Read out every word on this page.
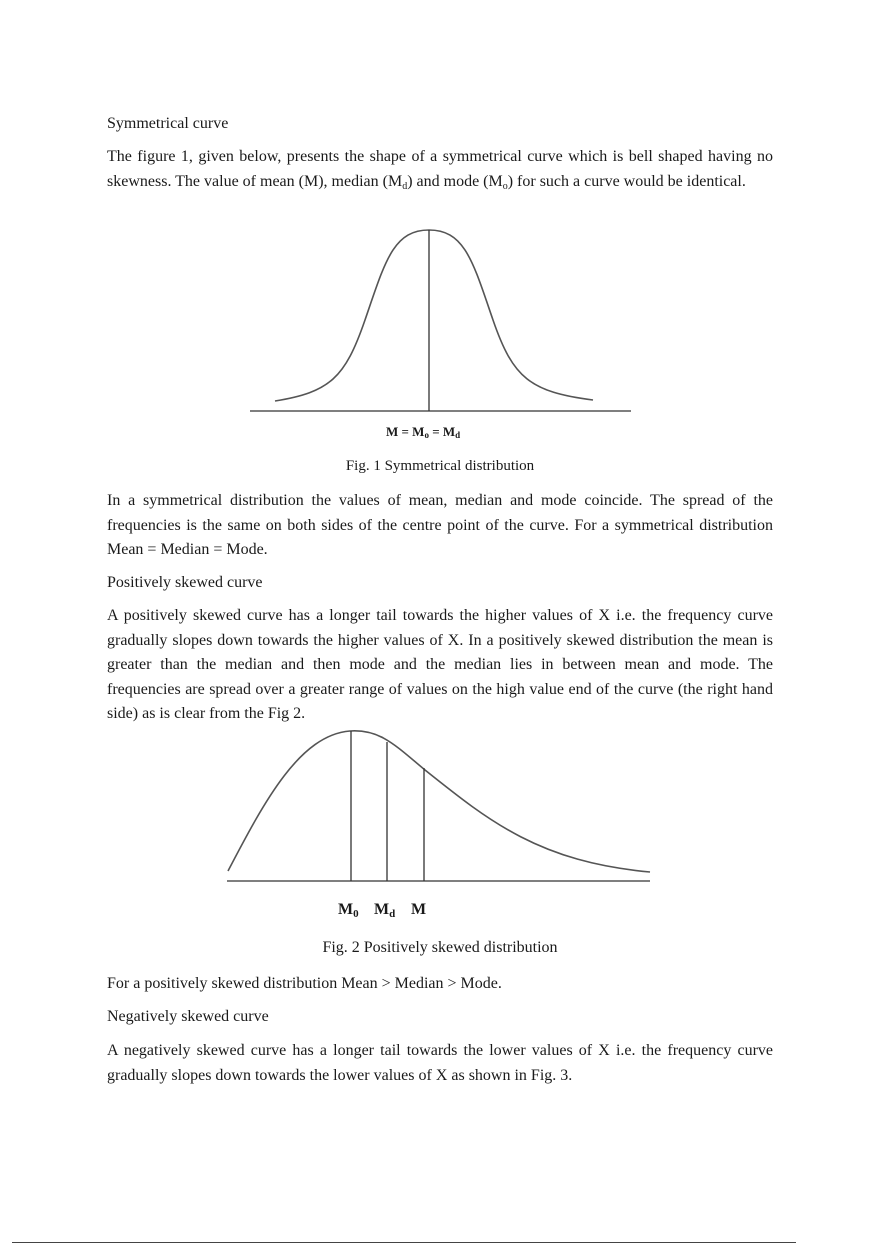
Symmetrical curve

The figure 1, given below, presents the shape of a symmetrical curve which is bell shaped having no skewness. The value of mean (M), median $(M_d)$ and mode $(M_o)$ for such a curve would be identical.

M = Mo = Md

Fig. 1 Symmetrical distribution

In a symmetrical distribution the values of mean, median and mode coincide. The spread of the frequencies is the same on both sides of the centre point of the curve. For a symmetrical distribution Mean = Median = Mode.

Positively skewed curve

A positively skewed curve has a longer tail towards the higher values of X i.e. the frequency curve gradually slopes down towards the higher values of X. In a positively skewed distribution the mean is greater than the median and then mode and the median lies in between mean and mode. The frequencies are spread over a greater range of values on the high value end of the curve (the right hand side) as is clear from the Fig 2.

M0 Md M

Fig. 2 Positively skewed distribution

For a positively skewed distribution Mean > Median > Mode.

Negatively skewed curve

A negatively skewed curve has a longer tail towards the lower values of X i.e. the frequency curve gradually slopes down towards the lower values of X as shown in Fig. 3.
